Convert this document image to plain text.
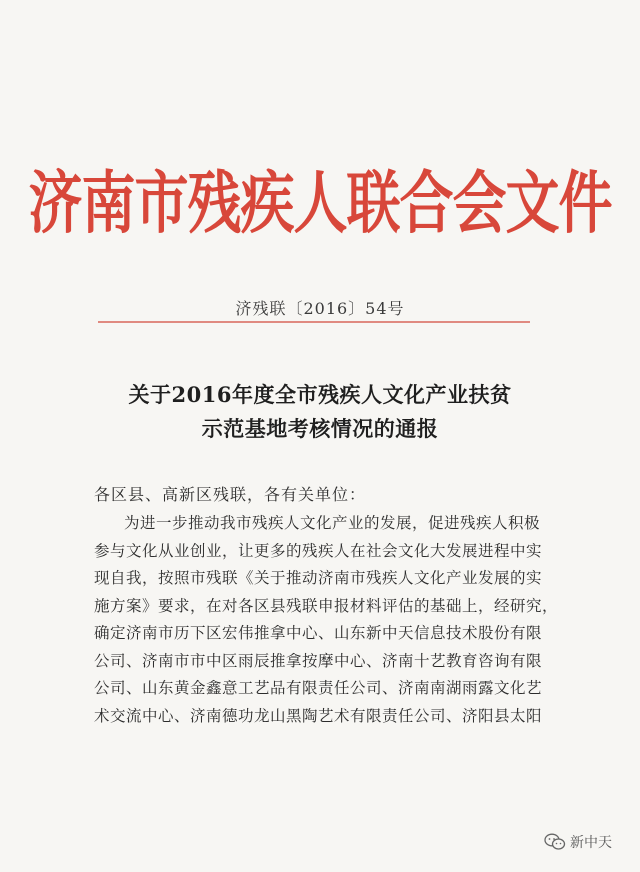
济南市残疾人联合会文件
济残联〔2016〕54号
关于2016年度全市残疾人文化产业扶贫
示范基地考核情况的通报
各区县、高新区残联，各有关单位：
为进一步推动我市残疾人文化产业的发展，促进残疾人积极
参与文化从业创业，让更多的残疾人在社会文化大发展进程中实
现自我，按照市残联《关于推动济南市残疾人文化产业发展的实
施方案》要求，在对各区县残联申报材料评估的基础上，经研究，
确定济南市历下区宏伟推拿中心、山东新中天信息技术股份有限
公司、济南市市中区雨辰推拿按摩中心、济南十艺教育咨询有限
公司、山东黄金鑫意工艺品有限责任公司、济南南湖雨露文化艺
术交流中心、济南德功龙山黑陶艺术有限责任公司、济阳县太阳
新中天
